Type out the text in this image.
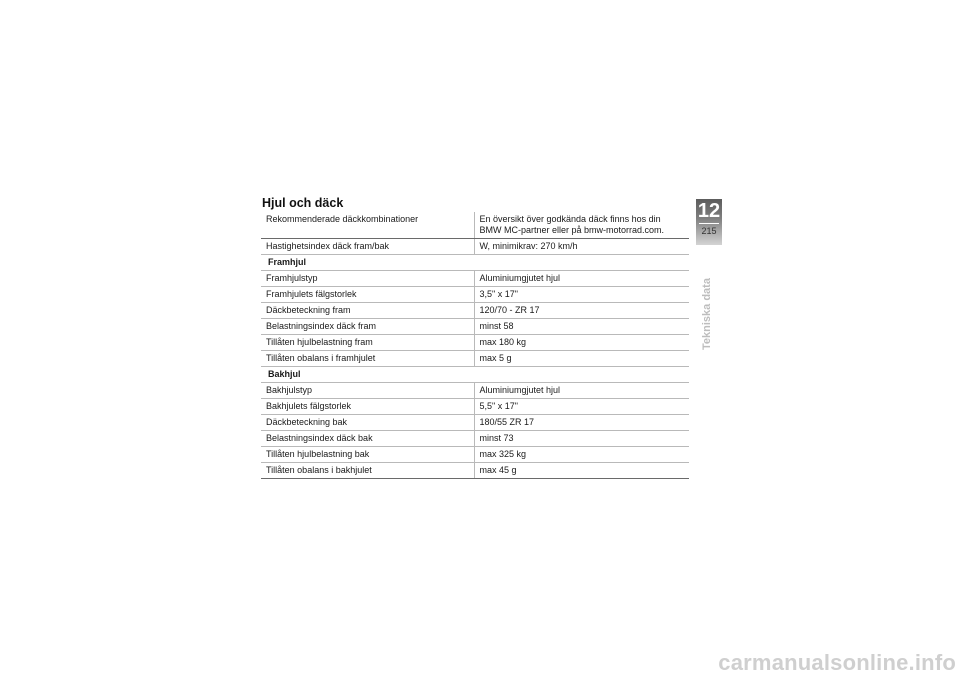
Hjul och däck
Rekommenderade däckkombinationer	En översikt över godkända däck finns hos din BMW MC-partner eller på bmw-motorrad.com.
Hastighetsindex däck fram/bak	W, minimikrav: 270 km/h
Framhjul	
Framhjulstyp	Aluminiumgjutet hjul
Framhjulets fälgstorlek	3,5" x 17"
Däckbeteckning fram	120/70 - ZR 17
Belastningsindex däck fram	minst 58
Tillåten hjulbelastning fram	max 180 kg
Tillåten obalans i framhjulet	max 5 g
Bakhjul	
Bakhjulstyp	Aluminiumgjutet hjul
Bakhjulets fälgstorlek	5,5" x 17"
Däckbeteckning bak	180/55 ZR 17
Belastningsindex däck bak	minst 73
Tillåten hjulbelastning bak	max 325 kg
Tillåten obalans i bakhjulet	max 45 g
12
215
Tekniska data
carmanualsonline.info
